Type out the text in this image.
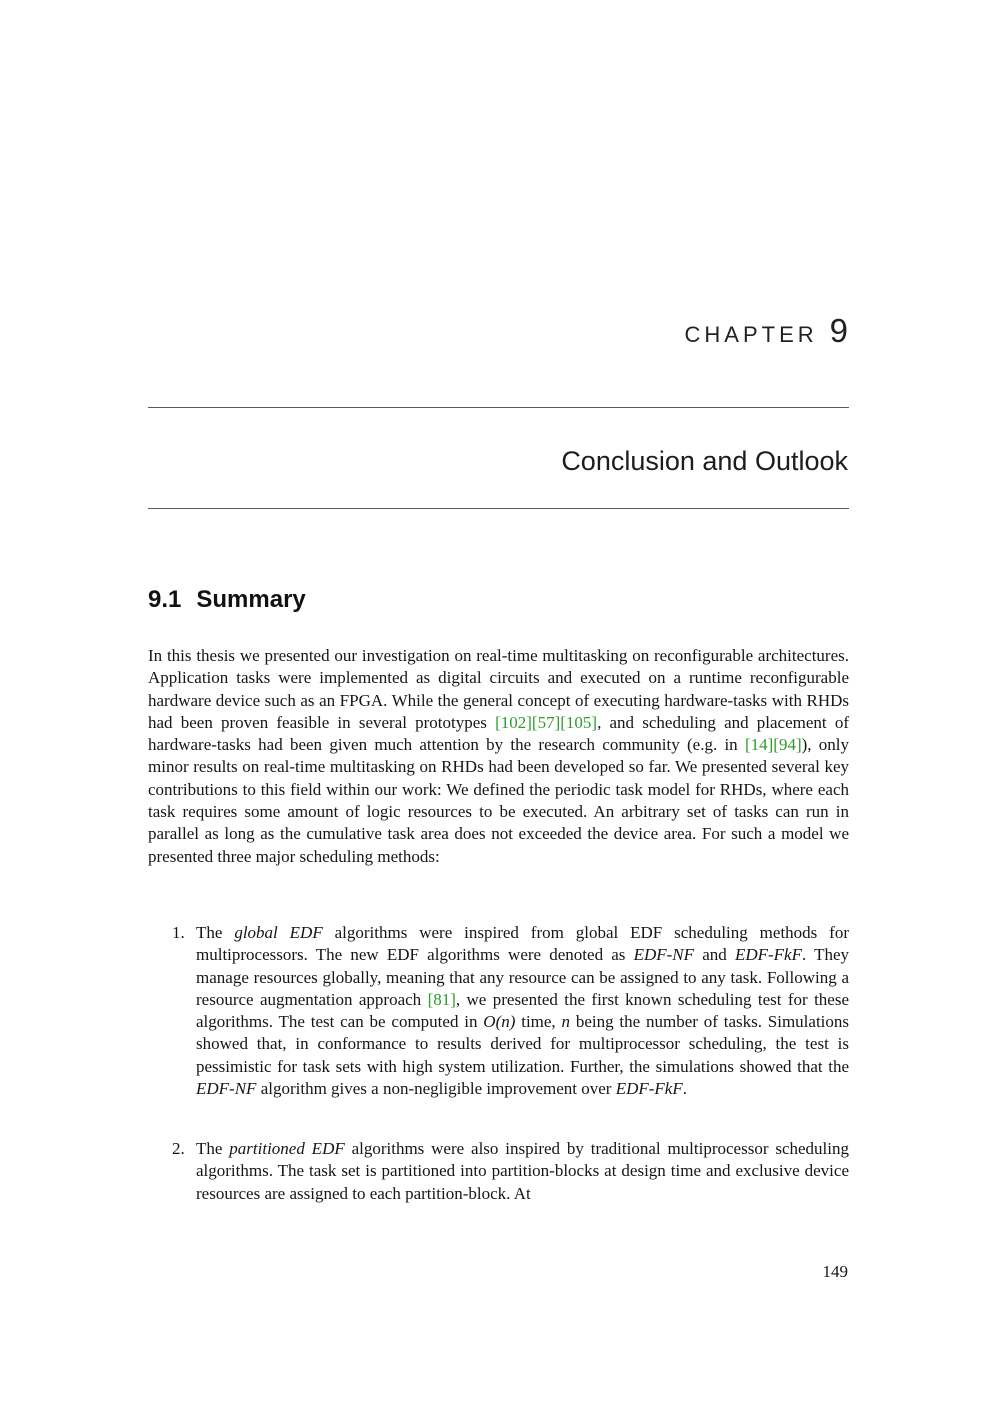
CHAPTER 9
Conclusion and Outlook
9.1 Summary
In this thesis we presented our investigation on real-time multitasking on reconfigurable architectures. Application tasks were implemented as digital circuits and executed on a runtime reconfigurable hardware device such as an FPGA. While the general concept of executing hardware-tasks with RHDs had been proven feasible in several prototypes [102][57][105], and scheduling and placement of hardware-tasks had been given much attention by the research community (e.g. in [14][94]), only minor results on real-time multitasking on RHDs had been developed so far. We presented several key contributions to this field within our work: We defined the periodic task model for RHDs, where each task requires some amount of logic resources to be executed. An arbitrary set of tasks can run in parallel as long as the cumulative task area does not exceeded the device area. For such a model we presented three major scheduling methods:
1. The global EDF algorithms were inspired from global EDF scheduling methods for multiprocessors. The new EDF algorithms were denoted as EDF-NF and EDF-FkF. They manage resources globally, meaning that any resource can be assigned to any task. Following a resource augmentation approach [81], we presented the first known scheduling test for these algorithms. The test can be computed in O(n) time, n being the number of tasks. Simulations showed that, in conformance to results derived for multiprocessor scheduling, the test is pessimistic for task sets with high system utilization. Further, the simulations showed that the EDF-NF algorithm gives a non-negligible improvement over EDF-FkF.
2. The partitioned EDF algorithms were also inspired by traditional multiprocessor scheduling algorithms. The task set is partitioned into partition-blocks at design time and exclusive device resources are assigned to each partition-block. At
149
